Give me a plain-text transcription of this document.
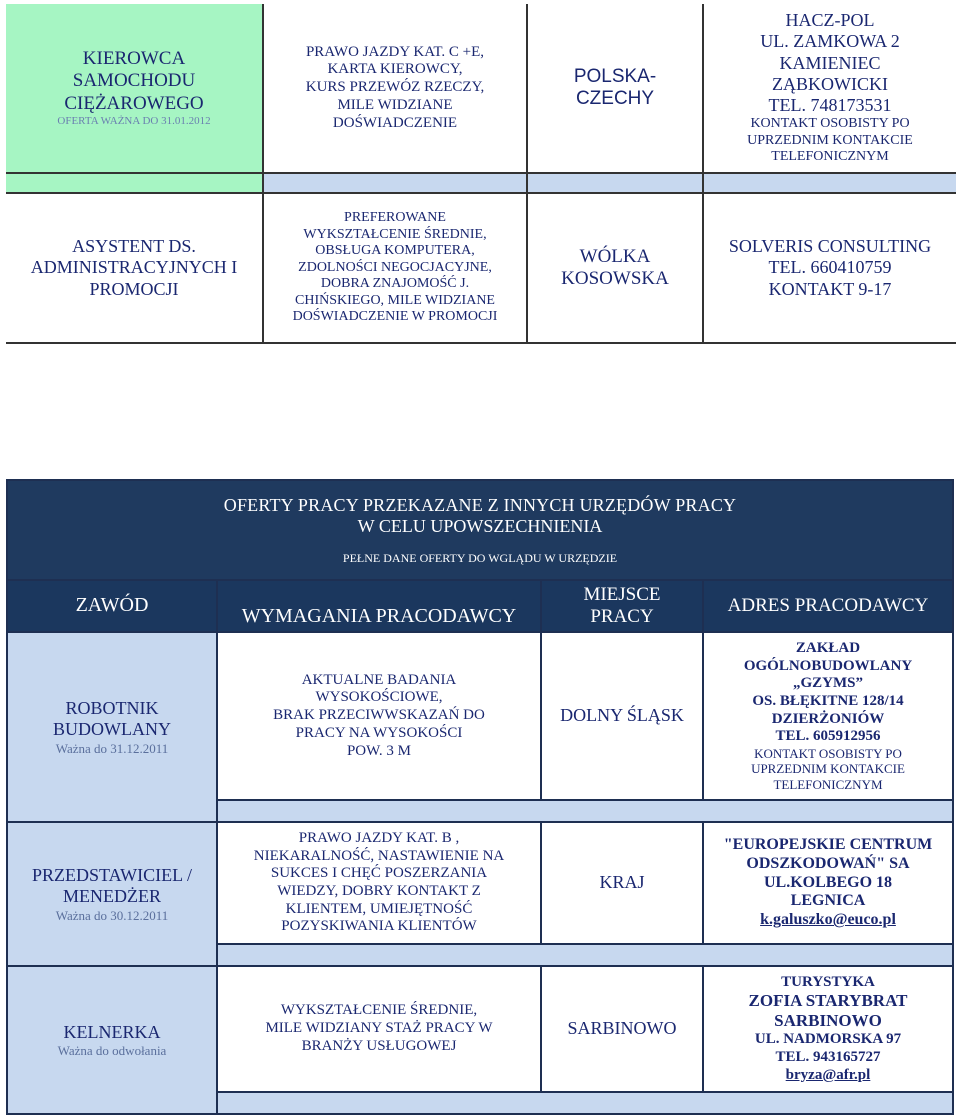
KIEROWCA
SAMOCHODU
CIĘŻAROWEGO
OFERTA WAŻNA DO 31.01.2012
PRAWO JAZDY KAT. C +E,
KARTA KIEROWCY,
KURS PRZEWÓZ RZECZY,
MILE WIDZIANE
DOŚWIADCZENIE
POLSKA-
CZECHY
HACZ-POL
UL. ZAMKOWA 2
KAMIENIEC
ZĄBKOWICKI
TEL. 748173531
KONTAKT OSOBISTY PO
UPRZEDNIM KONTAKCIE
TELEFONICZNYM
ASYSTENT DS.
ADMINISTRACYJNYCH I
PROMOCJI
PREFEROWANE
WYKSZTAŁCENIE ŚREDNIE,
OBSŁUGA KOMPUTERA,
ZDOLNOŚCI NEGOCJACYJNE,
DOBRA ZNAJOMOŚĆ J.
CHIŃSKIEGO, MILE WIDZIANE
DOŚWIADCZENIE W PROMOCJI
WÓLKA
KOSOWSKA
SOLVERIS CONSULTING
TEL. 660410759
KONTAKT 9-17
OFERTY PRACY PRZEKAZANE Z INNYCH URZĘDÓW PRACY
W CELU UPOWSZECHNIENIA
PEŁNE DANE OFERTY DO WGLĄDU W URZĘDZIE
ZAWÓD
WYMAGANIA PRACODAWCY
MIEJSCE
PRACY
ADRES PRACODAWCY
ROBOTNIK
BUDOWLANY
Ważna do 31.12.2011
AKTUALNE BADANIA
WYSOKOŚCIOWE,
BRAK PRZECIWWSKAZAŃ DO
PRACY NA WYSOKOŚCI
POW. 3 M
DOLNY ŚLĄSK
ZAKŁAD
OGÓLNOBUDOWLANY
„GZYMS”
OS. BŁĘKITNE 128/14
DZIERŻONIÓW
TEL. 605912956
KONTAKT OSOBISTY PO
UPRZEDNIM KONTAKCIE
TELEFONICZNYM
PRZEDSTAWICIEL /
MENEDŻER
Ważna do 30.12.2011
PRAWO JAZDY KAT. B ,
NIEKARALNOŚĆ, NASTAWIENIE NA
SUKCES I CHĘĆ POSZERZANIA
WIEDZY, DOBRY KONTAKT Z
KLIENTEM, UMIEJĘTNOŚĆ
POZYSKIWANIA KLIENTÓW
KRAJ
"EUROPEJSKIE CENTRUM
ODSZKODOWAŃ" SA
UL.KOLBEGO 18
LEGNICA
k.galuszko@euco.pl
KELNERKA
Ważna do odwołania
WYKSZTAŁCENIE ŚREDNIE,
MILE WIDZIANY STAŻ PRACY W
BRANŻY USŁUGOWEJ
SARBINOWO
TURYSTYKA
ZOFIA STARYBRAT
SARBINOWO
UL. NADMORSKA 97
TEL. 943165727
bryza@afr.pl
